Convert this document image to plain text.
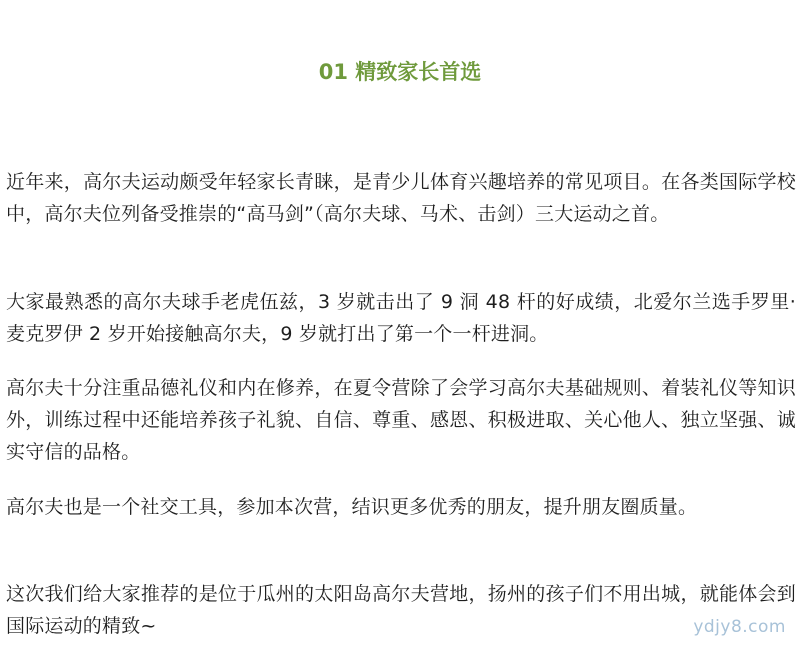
01 精致家长首选

近年来，高尔夫运动颇受年轻家长青睐，是青少儿体育兴趣培养的常见项目。在各类国际学校中，高尔夫位列备受推崇的“高马剑”（高尔夫球、马术、击剑）三大运动之首。

大家最熟悉的高尔夫球手老虎伍兹，3 岁就击出了 9 洞 48 杆的好成绩，北爱尔兰选手罗里·麦克罗伊 2 岁开始接触高尔夫，9 岁就打出了第一个一杆进洞。

高尔夫十分注重品德礼仪和内在修养，在夏令营除了会学习高尔夫基础规则、着装礼仪等知识外，训练过程中还能培养孩子礼貌、自信、尊重、感恩、积极进取、关心他人、独立坚强、诚实守信的品格。

高尔夫也是一个社交工具，参加本次营，结识更多优秀的朋友，提升朋友圈质量。

这次我们给大家推荐的是位于瓜州的太阳岛高尔夫营地，扬州的孩子们不用出城，就能体会到国际运动的精致~	ydjy8.com
